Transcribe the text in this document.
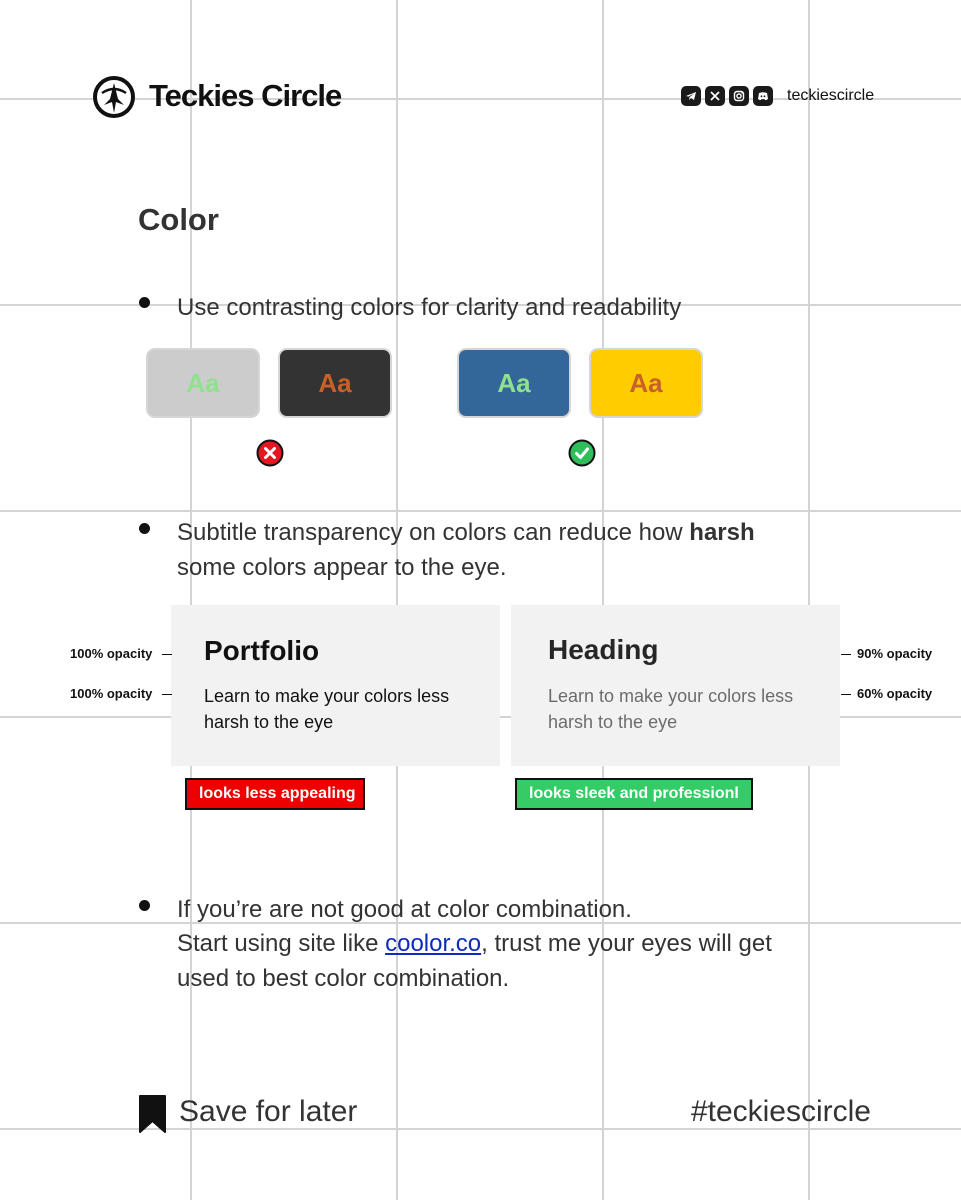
Teckies Circle	teckiescircle
Color
Use contrasting colors for clarity and readability
Aa	Aa	Aa	Aa
Subtitle transparency on colors can reduce how harsh
some colors appear to the eye.
Portfolio
Learn to make your colors less harsh to the eye
Heading
Learn to make your colors less harsh to the eye
100% opacity
100% opacity
90% opacity
60% opacity
looks less appealing	looks sleek and professionl
If you’re are not good at color combination.
Start using site like coolor.co, trust me your eyes will get
used to best color combination.
Save for later	#teckiescircle
